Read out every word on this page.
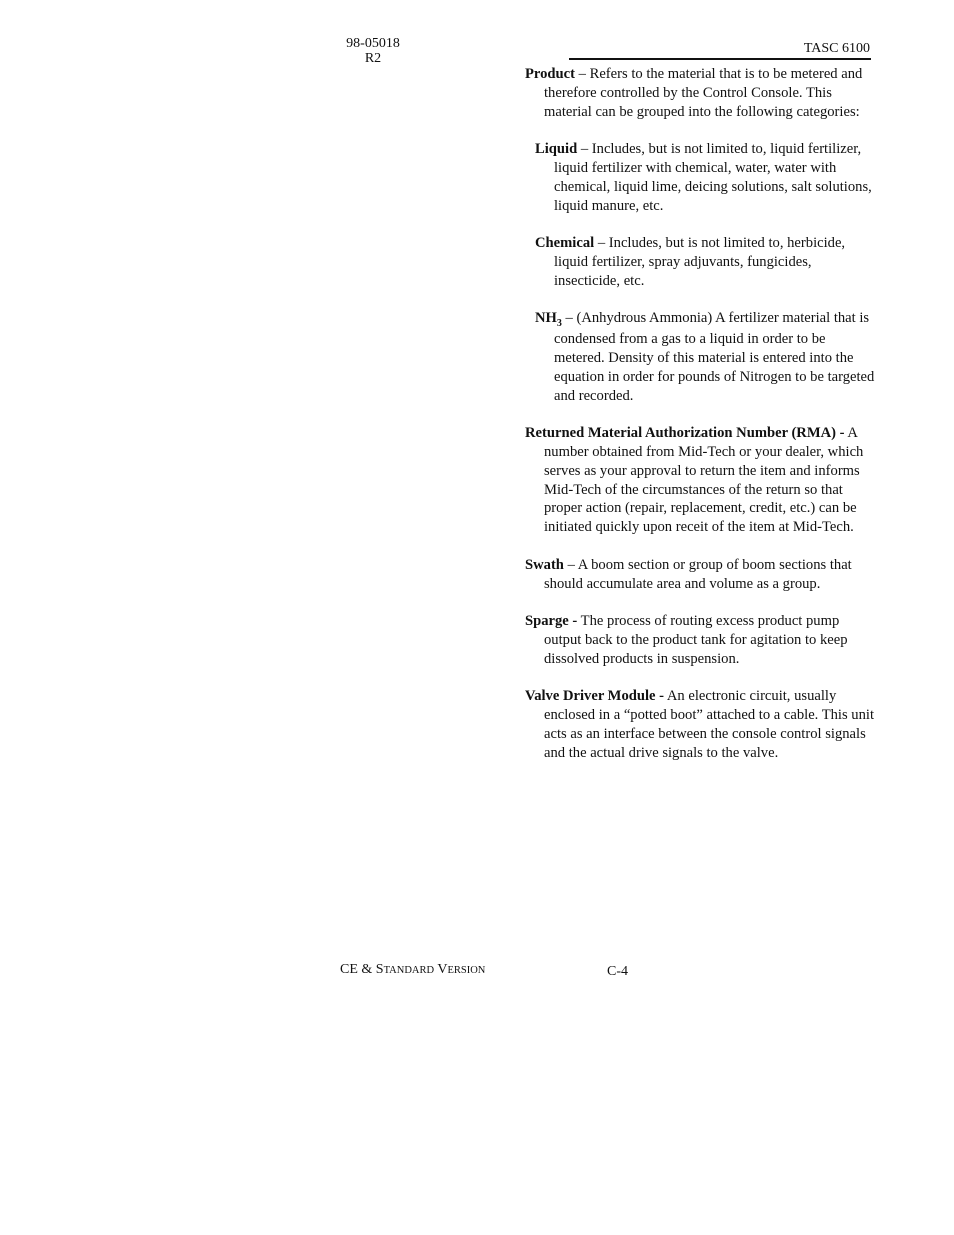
98-05018
R2
TASC 6100

Product – Refers to the material that is to be metered and therefore controlled by the Control Console. This material can be grouped into the following categories:

Liquid – Includes, but is not limited to, liquid fertilizer, liquid fertilizer with chemical, water, water with chemical, liquid lime, deicing solutions, salt solutions, liquid manure, etc.

Chemical – Includes, but is not limited to, herbicide, liquid fertilizer, spray adjuvants, fungicides, insecticide, etc.

$NH_3$ – (Anhydrous Ammonia) A fertilizer material that is condensed from a gas to a liquid in order to be metered. Density of this material is entered into the equation in order for pounds of Nitrogen to be targeted and recorded.

Returned Material Authorization Number (RMA) - A number obtained from Mid-Tech or your dealer, which serves as your approval to return the item and informs Mid-Tech of the circumstances of the return so that proper action (repair, replacement, credit, etc.) can be initiated quickly upon receit of the item at Mid-Tech.

Swath – A boom section or group of boom sections that should accumulate area and volume as a group.

Sparge - The process of routing excess product pump output back to the product tank for agitation to keep dissolved products in suspension.

Valve Driver Module - An electronic circuit, usually enclosed in a “potted boot” attached to a cable. This unit acts as an interface between the console control signals and the actual drive signals to the valve.

CE & STANDARD VERSION	C-4
